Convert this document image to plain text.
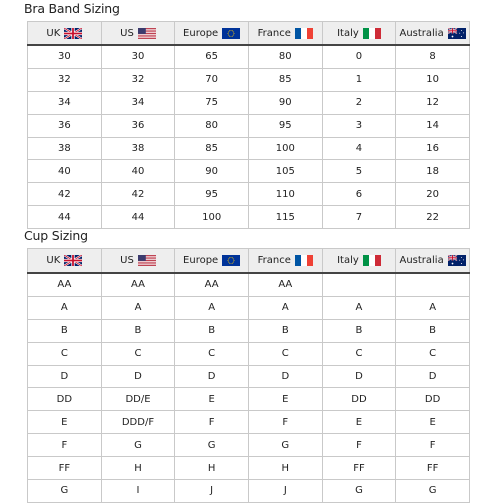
Bra Band Sizing
UK	US	Europe	France	Italy	Australia

30	30	65	80	0	8
32	32	70	85	1	10
34	34	75	90	2	12
36	36	80	95	3	14
38	38	85	100	4	16
40	40	90	105	5	18
42	42	95	110	6	20
44	44	100	115	7	22
Cup Sizing
UK	US	Europe	France	Italy	Australia

AA	AA	AA	AA		
A	A	A	A	A	A
B	B	B	B	B	B
C	C	C	C	C	C
D	D	D	D	D	D
DD	DD/E	E	E	DD	DD
E	DDD/F	F	F	E	E
F	G	G	G	F	F
FF	H	H	H	FF	FF
G	I	J	J	G	G
